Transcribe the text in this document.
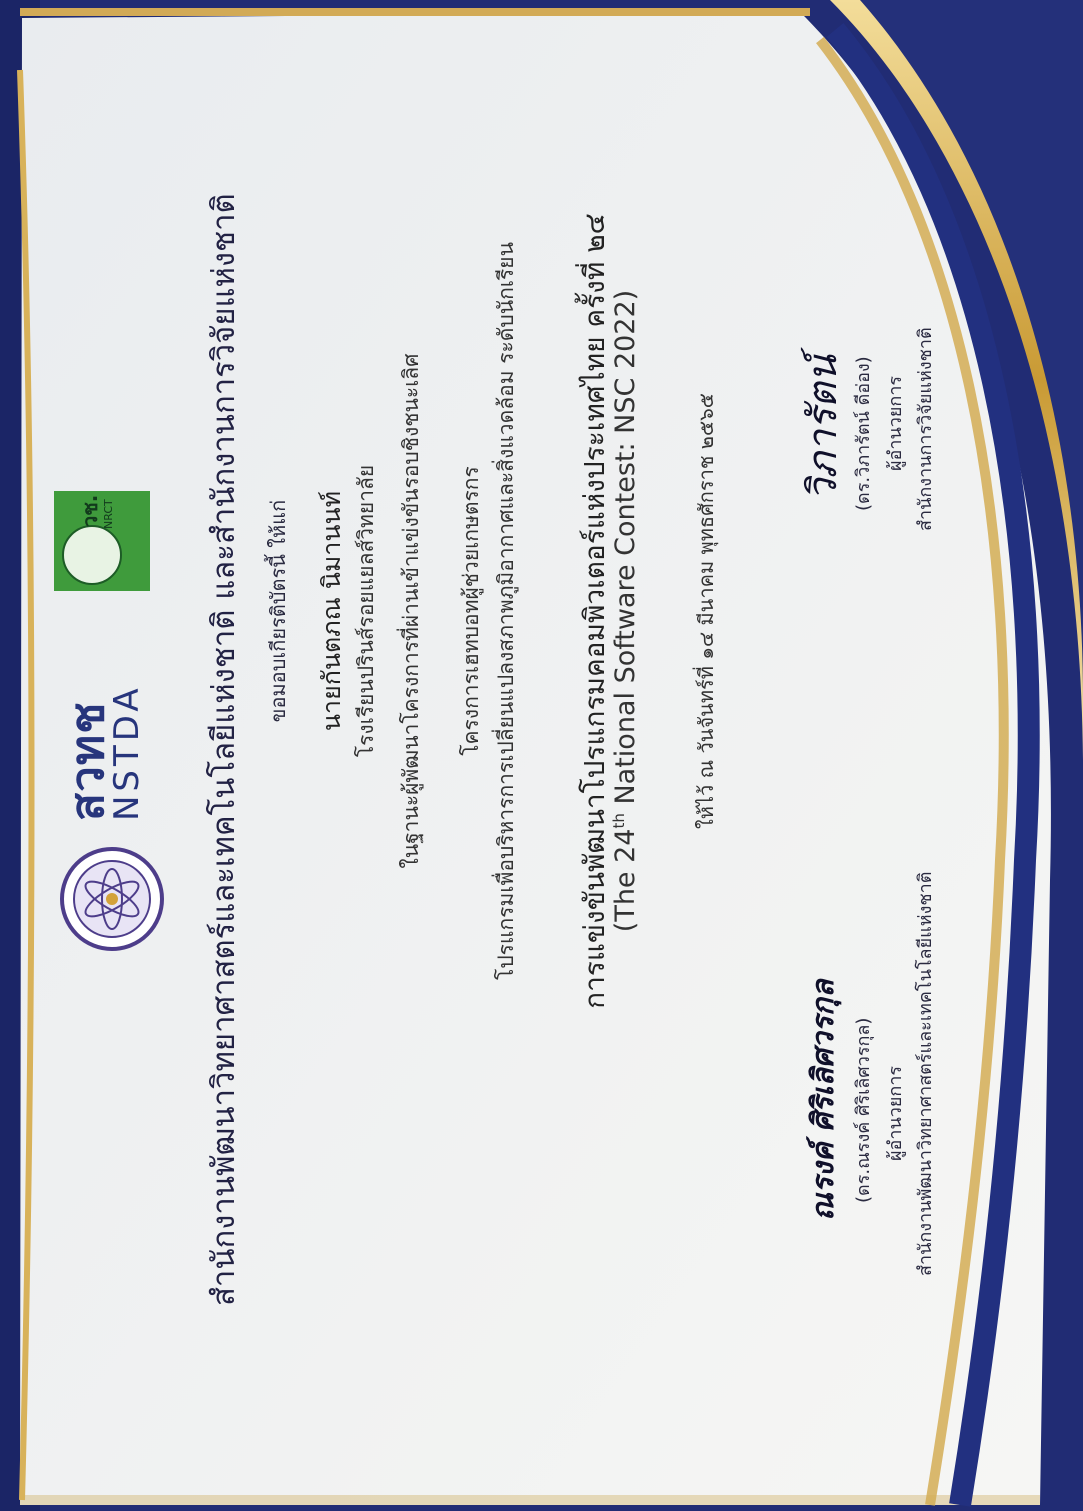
สวทช
NSTDA
วช. NRCT	สำนักงานพัฒนาวิทยาศาสตร์และเทคโนโลยีแห่งชาติ และสำนักงานการวิจัยแห่งชาติ	ขอมอบเกียรติบัตรนี้ ให้แก่ นายกันตภณ นิมานนท์ โรงเรียนปรินส์รอยแยลส์วิทยาลัย ในฐานะผู้พัฒนาโครงการที่ผ่านเข้าแข่งขันรอบชิงชนะเลิศ โครงการเฮทบอทผู้ช่วยเกษตรกร โปรแกรมเพื่อบริหารการเปลี่ยนแปลงสภาพภูมิอากาศและสิ่งแวดล้อม ระดับนักเรียน การแข่งขันพัฒนาโปรแกรมคอมพิวเตอร์แห่งประเทศไทย ครั้งที่ ๒๔ (The 24th National Software Contest: NSC 2022)	ให้ไว้ ณ วันจันทร์ที่ ๑๔ มีนาคม พุทธศักราช ๒๕๖๕
ณรงค์ ศิริเลิศวรกุล (ดร.ณรงค์ ศิริเลิศวรกุล) ผู้อำนวยการ สำนักงานพัฒนาวิทยาศาสตร์และเทคโนโลยีแห่งชาติ
วิภารัตน์ (ดร.วิภารัตน์ ดีอ่อง) ผู้อำนวยการ สำนักงานการวิจัยแห่งชาติ
